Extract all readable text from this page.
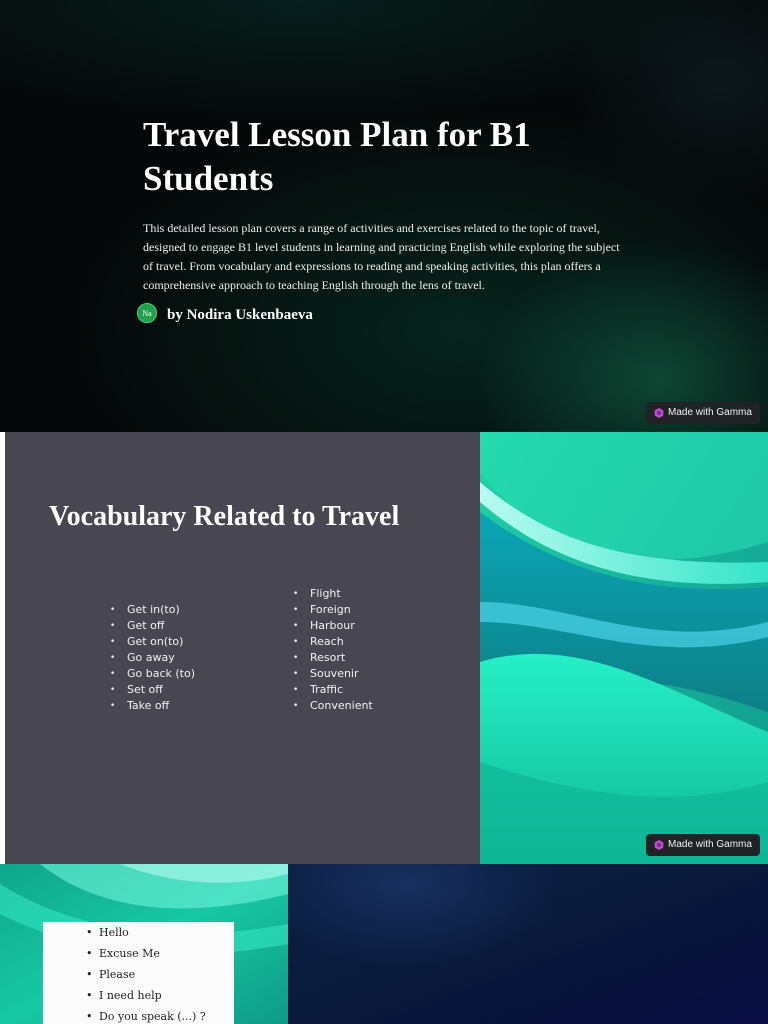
Travel Lesson Plan for B1 Students

This detailed lesson plan covers a range of activities and exercises related to the topic of travel, designed to engage B1 level students in learning and practicing English while exploring the subject of travel. From vocabulary and expressions to reading and speaking activities, this plan offers a comprehensive approach to teaching English through the lens of travel.

Na	by Nodira Uskenbaeva
Made with Gamma
Vocabulary Related to Travel
• Get in(to)
• Get off
• Get on(to)
• Go away
• Go back (to)
• Set off
• Take off
• Flight
• Foreign
• Harbour
• Reach
• Resort
• Souvenir
• Traffic
• Convenient
Made with Gamma
• Hello
• Excuse Me
• Please
• I need help
• Do you speak (...) ?
